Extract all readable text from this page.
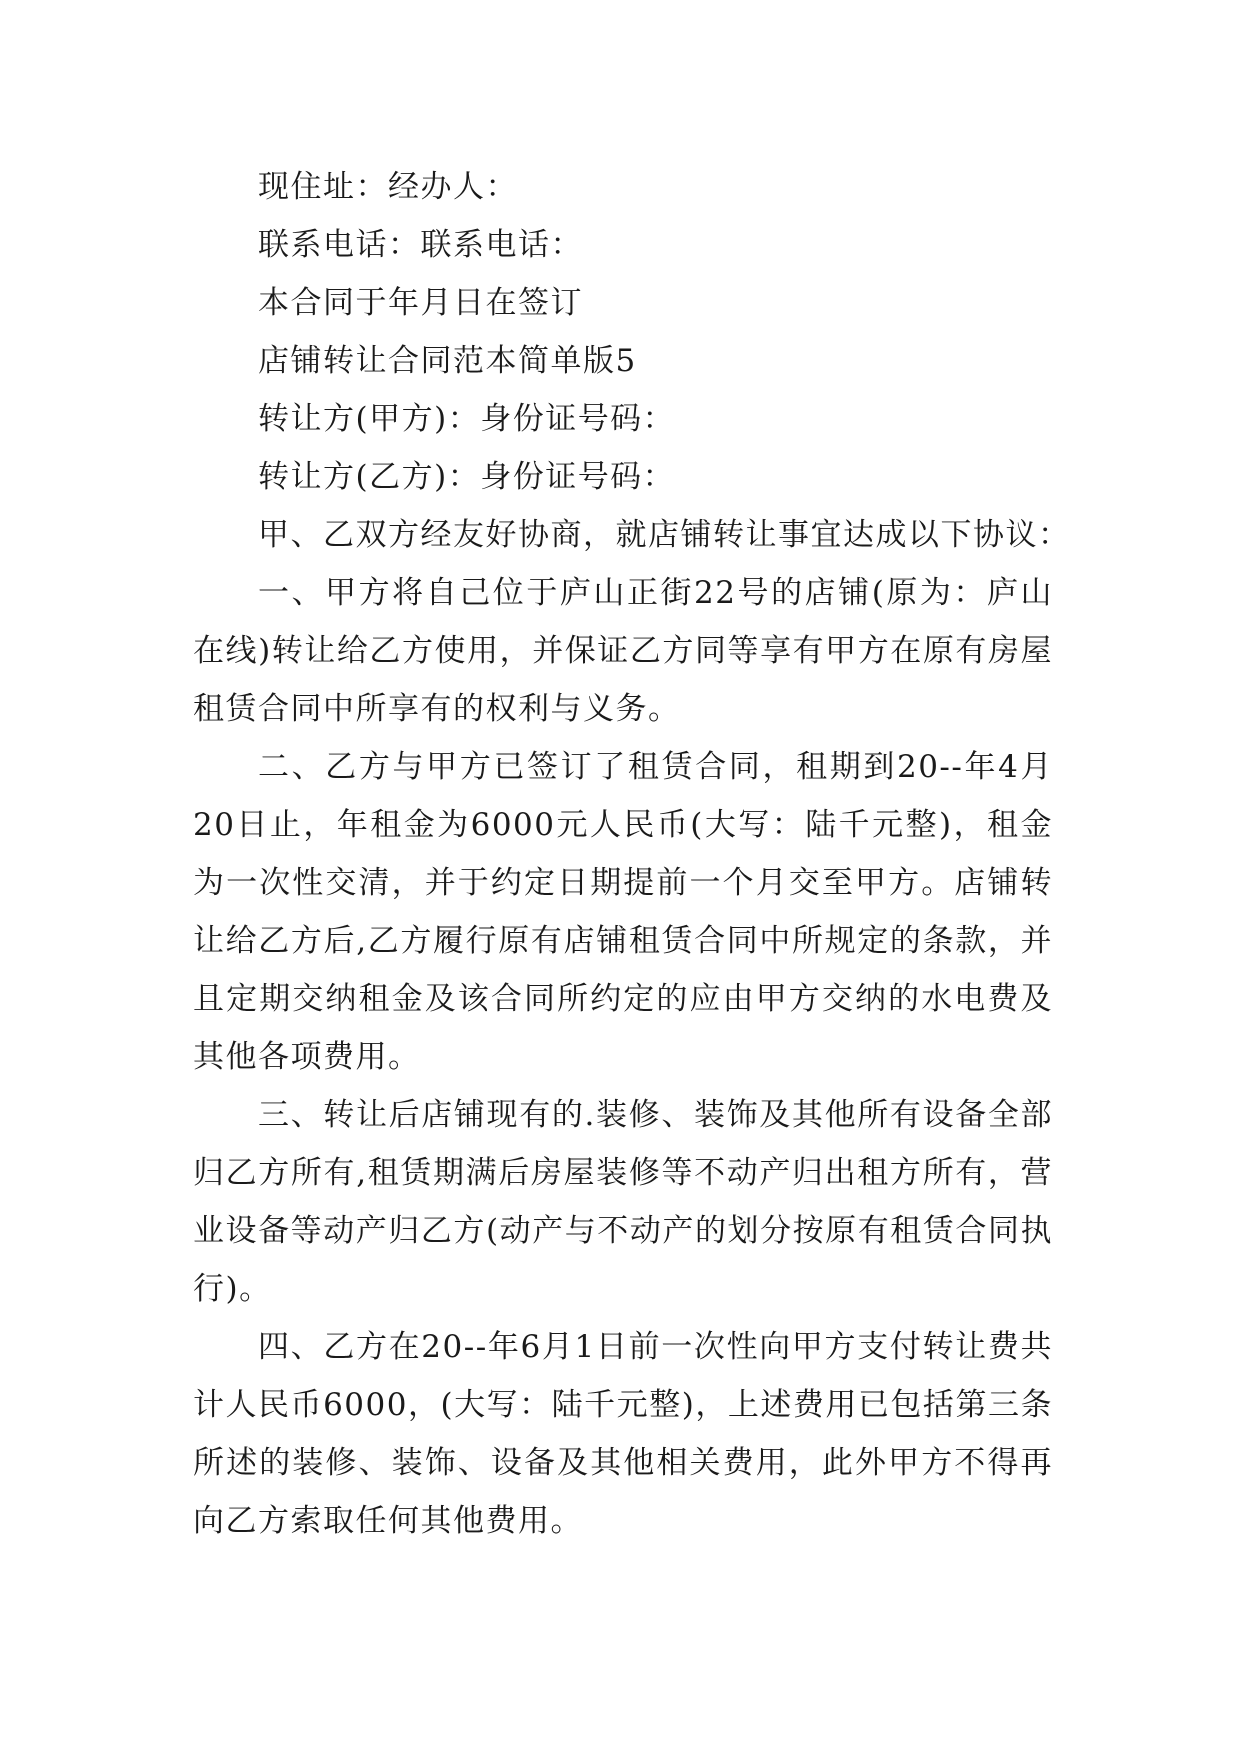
现住址：经办人：

联系电话：联系电话：

本合同于年月日在签订

店铺转让合同范本简单版5

转让方(甲方)：身份证号码：

转让方(乙方)：身份证号码：

甲、乙双方经友好协商，就店铺转让事宜达成以下协议：

一、甲方将自己位于庐山正街22号的店铺(原为：庐山在线)转让给乙方使用，并保证乙方同等享有甲方在原有房屋租赁合同中所享有的权利与义务。

二、乙方与甲方已签订了租赁合同，租期到20--年4月20日止，年租金为6000元人民币(大写：陆千元整)，租金为一次性交清，并于约定日期提前一个月交至甲方。店铺转让给乙方后,乙方履行原有店铺租赁合同中所规定的条款，并且定期交纳租金及该合同所约定的应由甲方交纳的水电费及其他各项费用。

三、转让后店铺现有的.装修、装饰及其他所有设备全部归乙方所有,租赁期满后房屋装修等不动产归出租方所有，营业设备等动产归乙方(动产与不动产的划分按原有租赁合同执行)。

四、乙方在20--年6月1日前一次性向甲方支付转让费共计人民币6000，(大写：陆千元整)，上述费用已包括第三条所述的装修、装饰、设备及其他相关费用，此外甲方不得再向乙方索取任何其他费用。
